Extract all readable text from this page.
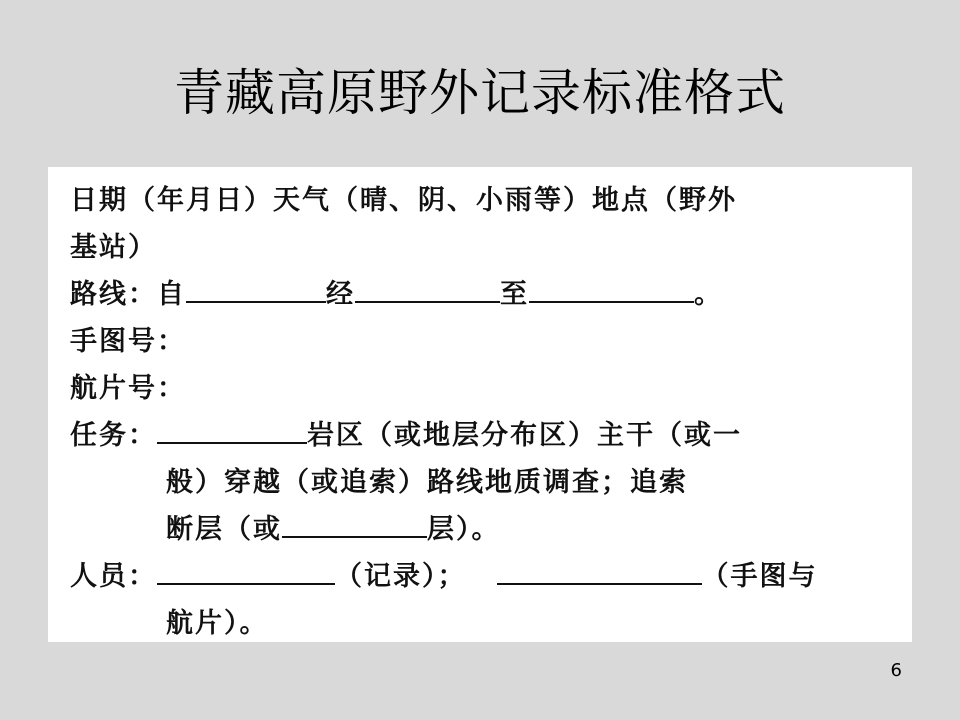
青藏高原野外记录标准格式
日期（年月日）天气（晴、阴、小雨等）地点（野外
基站）
路线：自	经	至	。
手图号：
航片号：
任务：	岩区（或地层分布区）主干（或一
般）穿越（或追索）路线地质调查；追索
断层（或	层）。
人员：	（记录）；	（手图与
航片）。
6
